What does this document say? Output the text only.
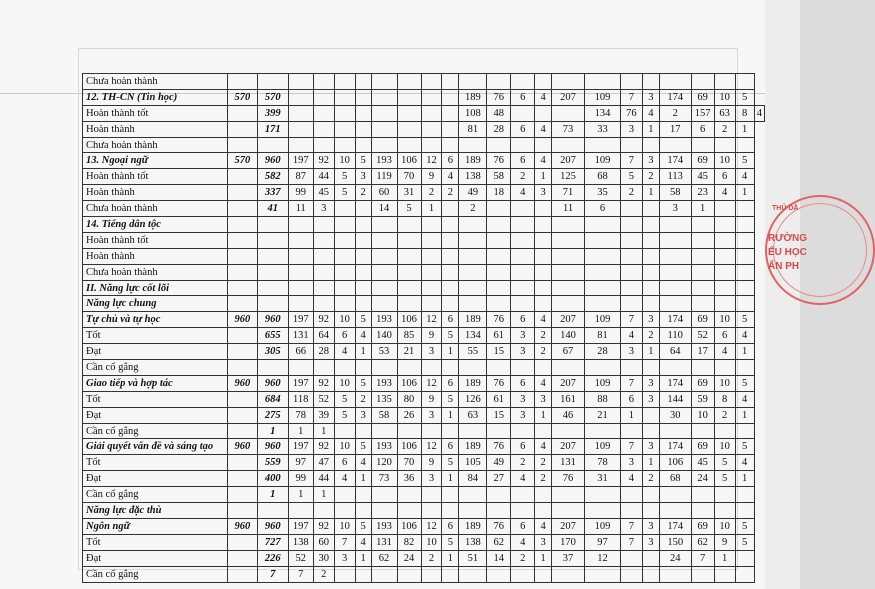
Chưa hoàn thành																							
12. TH-CN (Tin học)	570	570									189	76	6	4	207	109	7	3	174	69	10	5	
Hoàn thành tốt		399									108	48				134	76	4	2	157	63	8	4
Hoàn thành		171									81	28	6	4	73	33	3	1	17	6	2	1	
Chưa hoàn thành																							
13. Ngoại ngữ	570	960	197	92	10	5	193	106	12	6	189	76	6	4	207	109	7	3	174	69	10	5	
Hoàn thành tốt		582	87	44	5	3	119	70	9	4	138	58	2	1	125	68	5	2	113	45	6	4	
Hoàn thành		337	99	45	5	2	60	31	2	2	49	18	4	3	71	35	2	1	58	23	4	1	
Chưa hoàn thành		41	11	3			14	5	1		2				11	6			3	1			
14. Tiếng dân tộc																							
Hoàn thành tốt																							
Hoàn thành																							
Chưa hoàn thành																							
II. Năng lực cốt lõi																							
Năng lực chung																							
Tự chủ và tự học	960	960	197	92	10	5	193	106	12	6	189	76	6	4	207	109	7	3	174	69	10	5	
Tốt		655	131	64	6	4	140	85	9	5	134	61	3	2	140	81	4	2	110	52	6	4	
Đạt		305	66	28	4	1	53	21	3	1	55	15	3	2	67	28	3	1	64	17	4	1	
Cần cố gắng																							
Giao tiếp và hợp tác	960	960	197	92	10	5	193	106	12	6	189	76	6	4	207	109	7	3	174	69	10	5	
Tốt		684	118	52	5	2	135	80	9	5	126	61	3	3	161	88	6	3	144	59	8	4	
Đạt		275	78	39	5	3	58	26	3	1	63	15	3	1	46	21	1		30	10	2	1	
Cần cố gắng		1	1	1																			
Giải quyết vấn đề và sáng tạo	960	960	197	92	10	5	193	106	12	6	189	76	6	4	207	109	7	3	174	69	10	5	
Tốt		559	97	47	6	4	120	70	9	5	105	49	2	2	131	78	3	1	106	45	5	4	
Đạt		400	99	44	4	1	73	36	3	1	84	27	4	2	76	31	4	2	68	24	5	1	
Cần cố gắng		1	1	1																			
Năng lực đặc thù																							
Ngôn ngữ	960	960	197	92	10	5	193	106	12	6	189	76	6	4	207	109	7	3	174	69	10	5	
Tốt		727	138	60	7	4	131	82	10	5	138	62	4	3	170	97	7	3	150	62	9	5	
Đạt		226	52	30	3	1	62	24	2	1	51	14	2	1	37	12			24	7	1		
Cần cố gắng		7	7	2																			
THỦ DẦ
RƯỜNG
ẾU HỌC
ẤN PH
